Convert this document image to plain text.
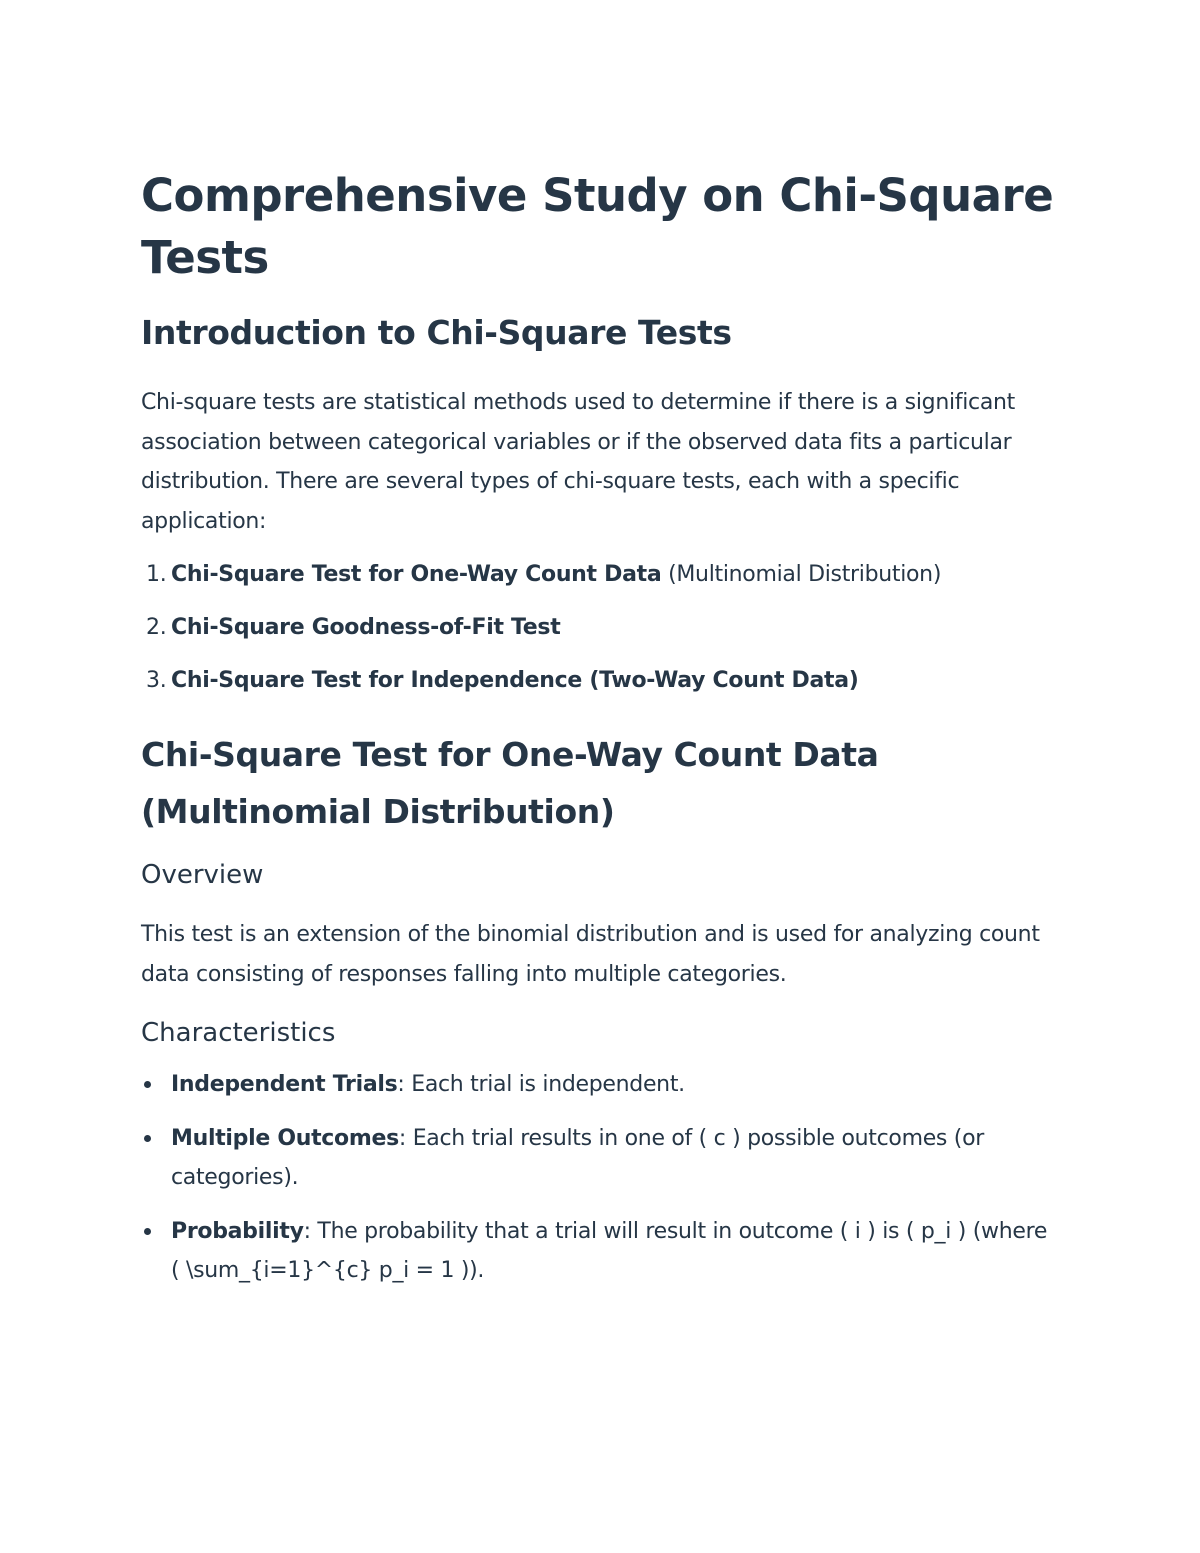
Comprehensive Study on Chi-Square Tests
Introduction to Chi-Square Tests

Chi-square tests are statistical methods used to determine if there is a significant association between categorical variables or if the observed data fits a particular distribution. There are several types of chi-square tests, each with a specific application:

1. Chi-Square Test for One-Way Count Data (Multinomial Distribution)
2. Chi-Square Goodness-of-Fit Test
3. Chi-Square Test for Independence (Two-Way Count Data)
Chi-Square Test for One-Way Count Data (Multinomial Distribution)
Overview

This test is an extension of the binomial distribution and is used for analyzing count data consisting of responses falling into multiple categories.

Characteristics
Independent Trials: Each trial is independent.
Multiple Outcomes: Each trial results in one of ( c ) possible outcomes (or categories).
Probability: The probability that a trial will result in outcome ( i ) is ( p_i ) (where ( \sum_{i=1}^{c} p_i = 1 )).
